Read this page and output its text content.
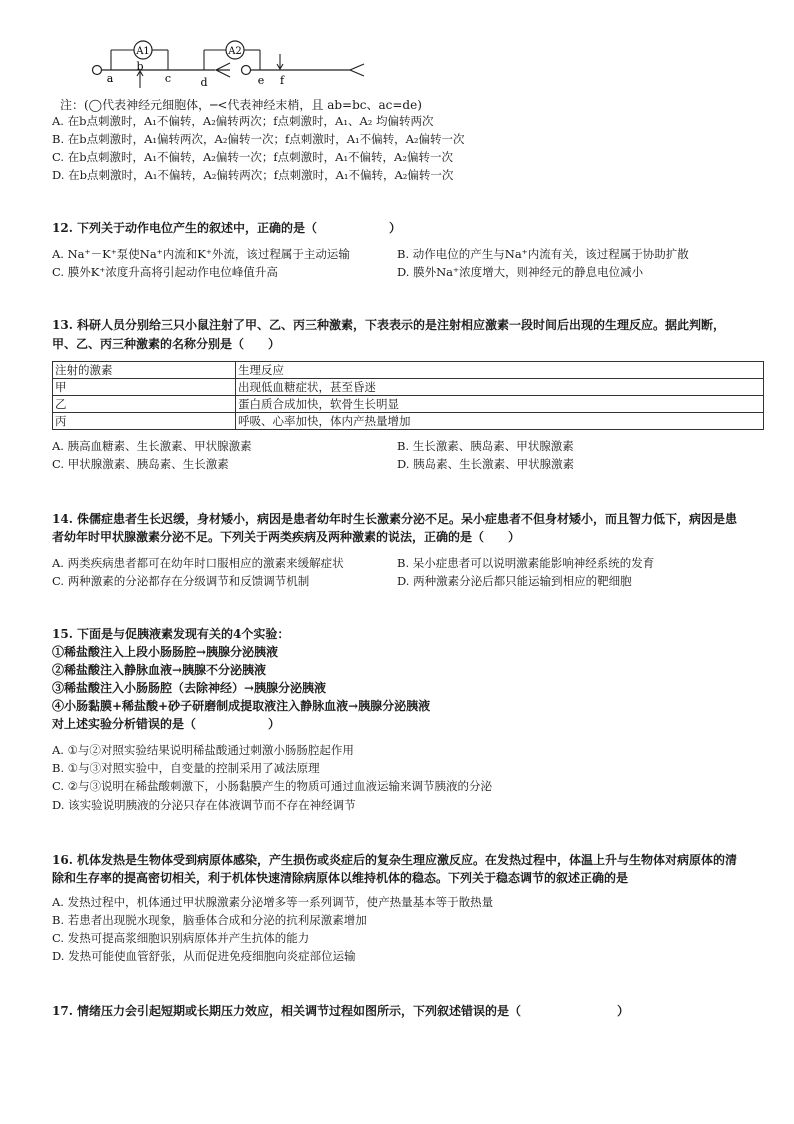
A1	A2
a
b
c	d	e f
注：(◯代表神经元细胞体，─<代表神经末梢，且 ab=bc、ac=de)
A. 在b点刺激时，A₁不偏转，A₂偏转两次；f点刺激时，A₁、A₂ 均偏转两次
B. 在b点刺激时，A₁偏转两次，A₂偏转一次；f点刺激时，A₁不偏转，A₂偏转一次
C. 在b点刺激时，A₁不偏转，A₂偏转一次；f点刺激时，A₁不偏转，A₂偏转一次
D. 在b点刺激时，A₁不偏转，A₂偏转两次；f点刺激时，A₁不偏转，A₂偏转一次
12. 下列关于动作电位产生的叙述中，正确的是（　　　　　　）
A. Na⁺－K⁺泵使Na⁺内流和K⁺外流，该过程属于主动运输	B. 动作电位的产生与Na⁺内流有关，该过程属于协助扩散
C. 膜外K⁺浓度升高将引起动作电位峰值升高	D. 膜外Na⁺浓度增大，则神经元的静息电位减小
13. 科研人员分别给三只小鼠注射了甲、乙、丙三种激素，下表表示的是注射相应激素一段时间后出现的生理反应。据此判断，
甲、乙、丙三种激素的名称分别是（　　）
注射的激素	生理反应
甲	出现低血糖症状，甚至昏迷
乙	蛋白质合成加快，软骨生长明显
丙	呼吸、心率加快，体内产热量增加
A. 胰高血糖素、生长激素、甲状腺激素	B. 生长激素、胰岛素、甲状腺激素
C. 甲状腺激素、胰岛素、生长激素	D. 胰岛素、生长激素、甲状腺激素
14. 侏儒症患者生长迟缓，身材矮小，病因是患者幼年时生长激素分泌不足。呆小症患者不但身材矮小，而且智力低下，病因是患
者幼年时甲状腺激素分泌不足。下列关于两类疾病及两种激素的说法，正确的是（　　）
A. 两类疾病患者都可在幼年时口服相应的激素来缓解症状	B. 呆小症患者可以说明激素能影响神经系统的发育
C. 两种激素的分泌都存在分级调节和反馈调节机制	D. 两种激素分泌后都只能运输到相应的靶细胞
15. 下面是与促胰液素发现有关的4个实验：
①稀盐酸注入上段小肠肠腔→胰腺分泌胰液
②稀盐酸注入静脉血液→胰腺不分泌胰液
③稀盐酸注入小肠肠腔（去除神经）→胰腺分泌胰液
④小肠黏膜+稀盐酸+砂子研磨制成提取液注入静脉血液→胰腺分泌胰液
对上述实验分析错误的是（　　　　　　）
A. ①与②对照实验结果说明稀盐酸通过刺激小肠肠腔起作用
B. ①与③对照实验中，自变量的控制采用了减法原理
C. ②与③说明在稀盐酸刺激下，小肠黏膜产生的物质可通过血液运输来调节胰液的分泌
D. 该实验说明胰液的分泌只存在体液调节而不存在神经调节
16. 机体发热是生物体受到病原体感染，产生损伤或炎症后的复杂生理应激反应。在发热过程中，体温上升与生物体对病原体的清
除和生存率的提高密切相关，利于机体快速清除病原体以维持机体的稳态。下列关于稳态调节的叙述正确的是
A. 发热过程中，机体通过甲状腺激素分泌增多等一系列调节，使产热量基本等于散热量
B. 若患者出现脱水现象，脑垂体合成和分泌的抗利尿激素增加
C. 发热可提高浆细胞识别病原体并产生抗体的能力
D. 发热可能使血管舒张，从而促进免疫细胞向炎症部位运输
17. 情绪压力会引起短期或长期压力效应，相关调节过程如图所示，下列叙述错误的是（　　　　　　　　）
